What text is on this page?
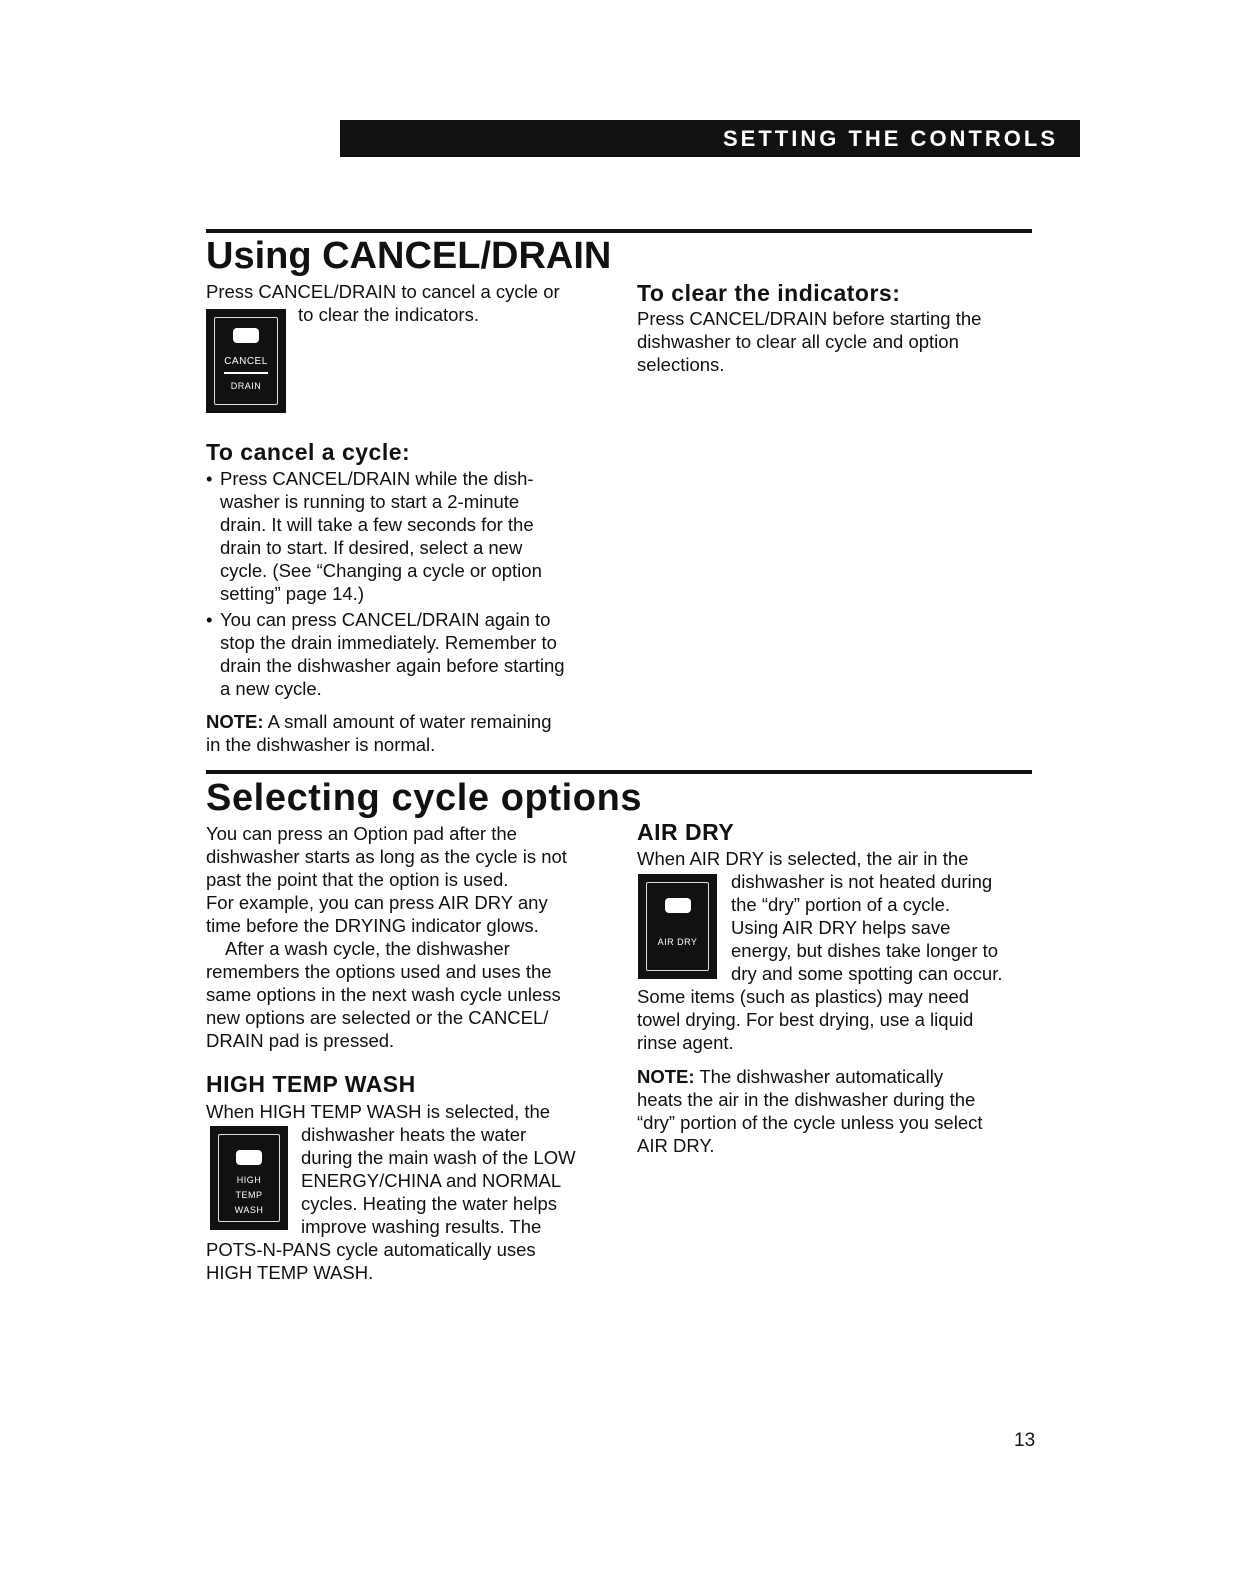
SETTING THE CONTROLS
Using CANCEL/DRAIN
Press CANCEL/DRAIN to cancel a cycle or
to clear the indicators.
CANCEL
DRAIN
To cancel a cycle:
• Press CANCEL/DRAIN while the dish-
washer is running to start a 2-minute
drain. It will take a few seconds for the
drain to start. If desired, select a new
cycle. (See “Changing a cycle or option
setting” page 14.)
• You can press CANCEL/DRAIN again to
stop the drain immediately. Remember to
drain the dishwasher again before starting
a new cycle.
NOTE: A small amount of water remaining
in the dishwasher is normal.
To clear the indicators:
Press CANCEL/DRAIN before starting the
dishwasher to clear all cycle and option
selections.
Selecting cycle options
You can press an Option pad after the
dishwasher starts as long as the cycle is not
past the point that the option is used.
For example, you can press AIR DRY any
time before the DRYING indicator glows.
After a wash cycle, the dishwasher
remembers the options used and uses the
same options in the next wash cycle unless
new options are selected or the CANCEL/
DRAIN pad is pressed.
HIGH TEMP WASH
When HIGH TEMP WASH is selected, the
HIGH
TEMP
WASH
dishwasher heats the water
during the main wash of the LOW
ENERGY/CHINA and NORMAL
cycles. Heating the water helps
improve washing results. The
POTS-N-PANS cycle automatically uses
HIGH TEMP WASH.
AIR DRY
When AIR DRY is selected, the air in the
AIR DRY
dishwasher is not heated during
the “dry” portion of a cycle.
Using AIR DRY helps save
energy, but dishes take longer to
dry and some spotting can occur.
Some items (such as plastics) may need
towel drying. For best drying, use a liquid
rinse agent.
NOTE: The dishwasher automatically
heats the air in the dishwasher during the
“dry” portion of the cycle unless you select
AIR DRY.
13
